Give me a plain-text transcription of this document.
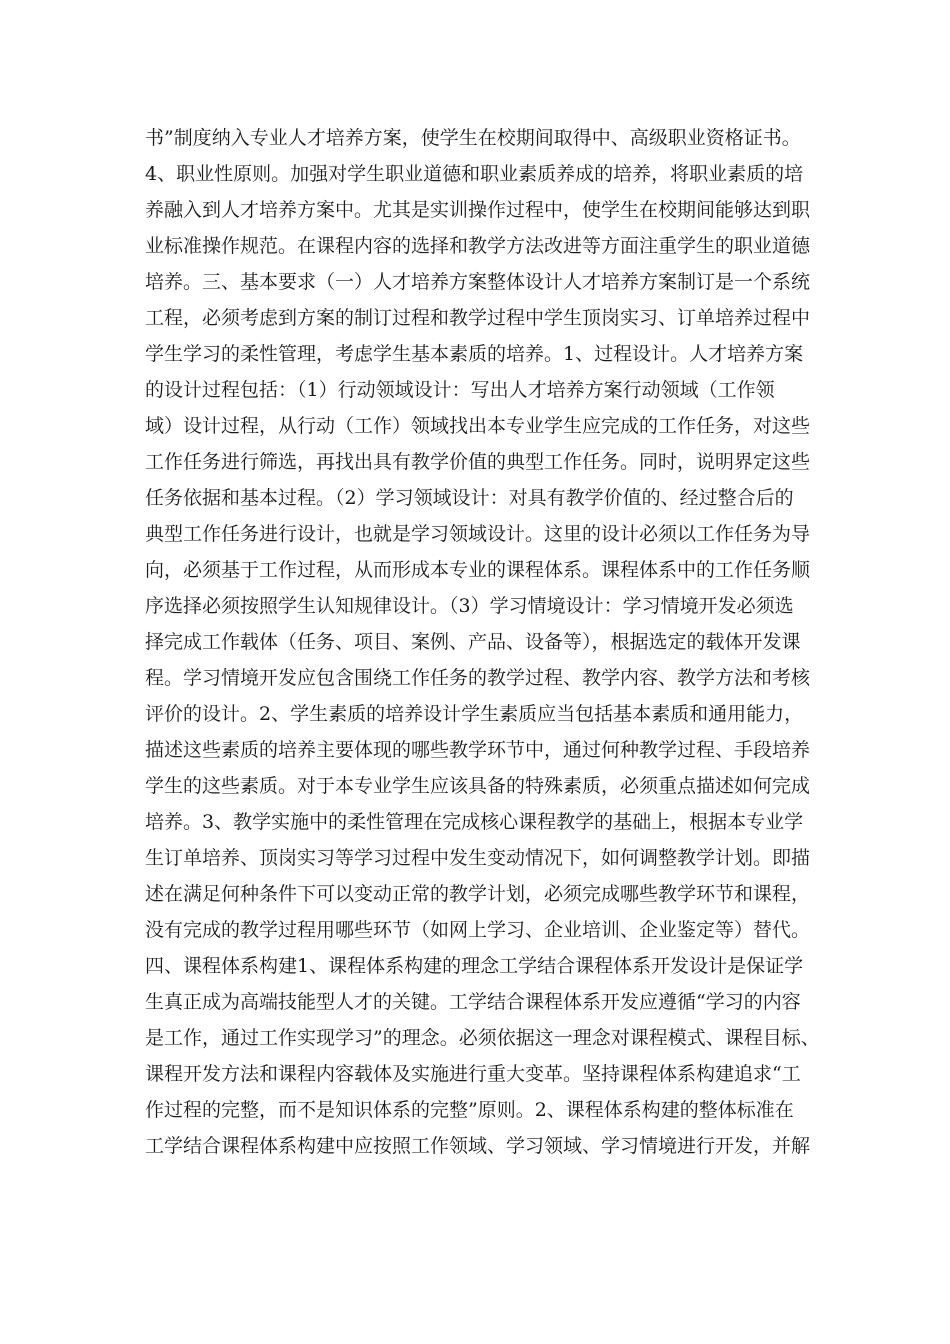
书”制度纳入专业人才培养方案，使学生在校期间取得中、高级职业资格证书。
4、职业性原则。加强对学生职业道德和职业素质养成的培养，将职业素质的培
养融入到人才培养方案中。尤其是实训操作过程中，使学生在校期间能够达到职
业标准操作规范。在课程内容的选择和教学方法改进等方面注重学生的职业道德
培养。三、基本要求（一）人才培养方案整体设计人才培养方案制订是一个系统
工程，必须考虑到方案的制订过程和教学过程中学生顶岗实习、订单培养过程中
学生学习的柔性管理，考虑学生基本素质的培养。1、过程设计。人才培养方案
的设计过程包括：（1）行动领域设计：写出人才培养方案行动领域（工作领
域）设计过程，从行动（工作）领域找出本专业学生应完成的工作任务，对这些
工作任务进行筛选，再找出具有教学价值的典型工作任务。同时，说明界定这些
任务依据和基本过程。（2）学习领域设计：对具有教学价值的、经过整合后的
典型工作任务进行设计，也就是学习领域设计。这里的设计必须以工作任务为导
向，必须基于工作过程，从而形成本专业的课程体系。课程体系中的工作任务顺
序选择必须按照学生认知规律设计。（3）学习情境设计：学习情境开发必须选
择完成工作载体（任务、项目、案例、产品、设备等），根据选定的载体开发课
程。学习情境开发应包含围绕工作任务的教学过程、教学内容、教学方法和考核
评价的设计。2、学生素质的培养设计学生素质应当包括基本素质和通用能力，
描述这些素质的培养主要体现的哪些教学环节中，通过何种教学过程、手段培养
学生的这些素质。对于本专业学生应该具备的特殊素质，必须重点描述如何完成
培养。3、教学实施中的柔性管理在完成核心课程教学的基础上，根据本专业学
生订单培养、顶岗实习等学习过程中发生变动情况下，如何调整教学计划。即描
述在满足何种条件下可以变动正常的教学计划，必须完成哪些教学环节和课程，
没有完成的教学过程用哪些环节（如网上学习、企业培训、企业鉴定等）替代。
四、课程体系构建1、课程体系构建的理念工学结合课程体系开发设计是保证学
生真正成为高端技能型人才的关键。工学结合课程体系开发应遵循“学习的内容
是工作，通过工作实现学习”的理念。必须依据这一理念对课程模式、课程目标、
课程开发方法和课程内容载体及实施进行重大变革。坚持课程体系构建追求“工
作过程的完整，而不是知识体系的完整”原则。2、课程体系构建的整体标准在
工学结合课程体系构建中应按照工作领域、学习领域、学习情境进行开发，并解
